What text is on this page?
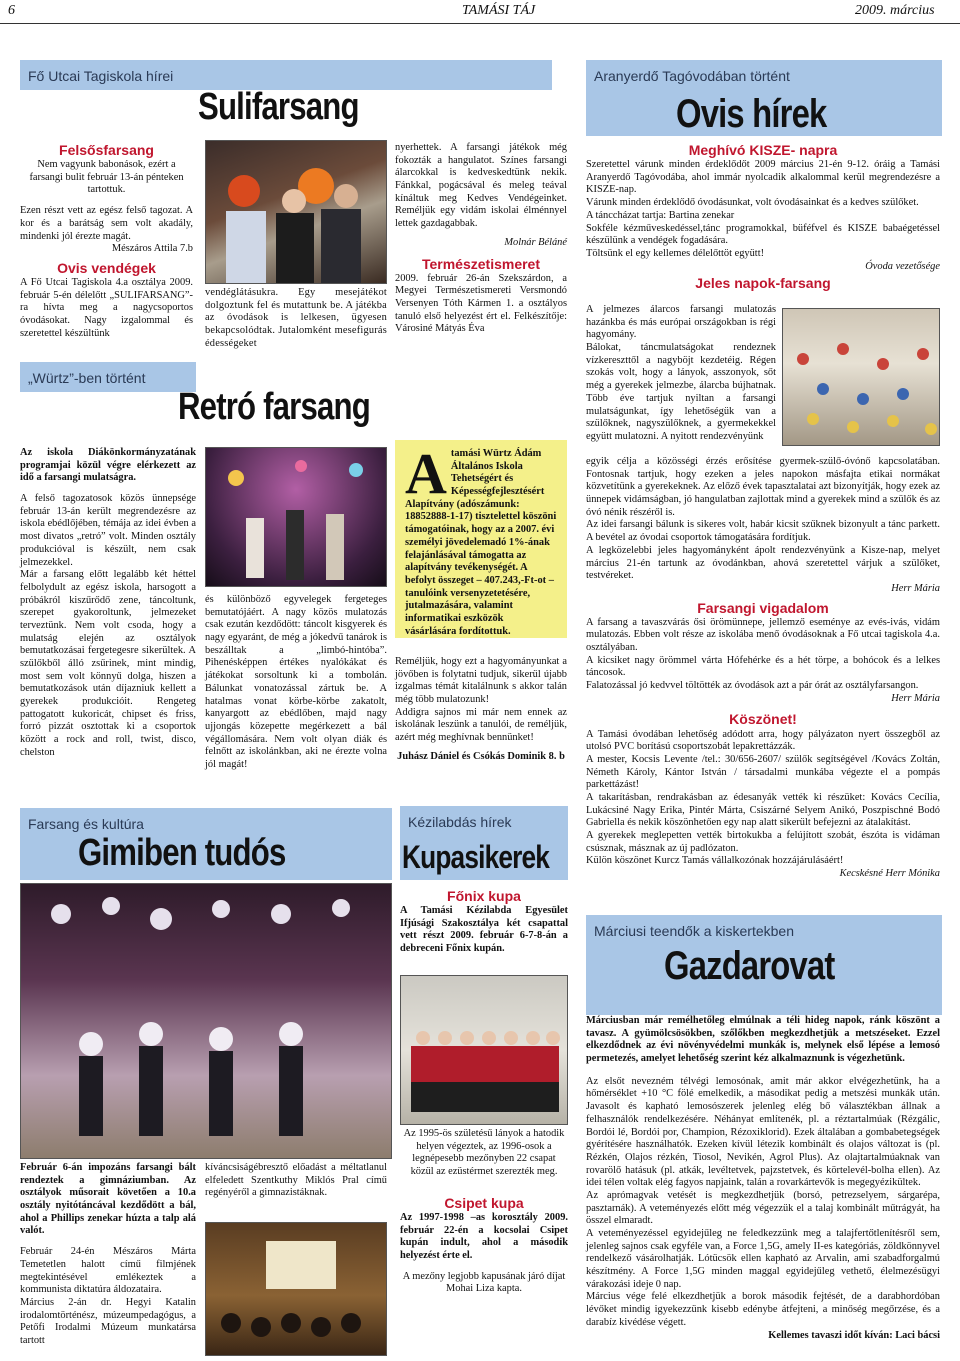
6	TAMÁSI TÁJ	2009. március
Fő Utcai Tagiskola hírei
Sulifarsang
Felsősfarsang
Nem vagyunk babonások, ezért a farsangi bulit február 13-án pénteken tartottuk.
Ezen részt vett az egész felső tagozat. A kor és a barátság sem volt akadály, mindenki jól érezte magát.
Mészáros Attila 7.b
Ovis vendégek
A Fő Utcai Tagiskola 4.a osztálya 2009. február 5-én délelőtt „SULIFARSANG”-ra hívta meg a nagycsoportos óvodásokat. Nagy izgalommal és szeretettel készültünk
vendéglátásukra. Egy mesejátékot dolgoztunk fel és mutattunk be. A játékba az óvodások is lelkesen, ügyesen bekapcsolódtak. Jutalomként mesefigurás édességeket
nyerhettek. A farsangi játékok még fokozták a hangulatot. Színes farsangi álarcokkal is kedveskedtünk nekik. Fánkkal, pogácsával és meleg teával kínáltuk meg Kedves Vendégeinket. Reméljük egy vidám iskolai élménnyel lettek gazdagabbak.
Molnár Béláné
Természetismeret
2009. február 26-án Szekszárdon, a Megyei Természetismereti Versmondó Versenyen Tóth Kármen 1. a osztályos tanuló első helyezést ért el. Felkészítője: Városiné Mátyás Éva
„Würtz”-ben történt
Retró farsang
Az iskola Diákönkormányzatának programjai közül végre elérkezett az idő a farsangi mulatságra.
A felső tagozatosok közös ünnepsége február 13-án került megrendezésre az iskola ebédlőjében, témája az idei évben a most divatos „retró” volt. Minden osztály produkcióval is készült, nem csak jelmezekkel.
Már a farsang előtt legalább két héttel felbolydult az egész iskola, harsogott a próbákról kiszűrődő zene, táncoltunk, szerepet gyakoroltunk, jelmezeket terveztünk. Nem volt csoda, hogy a mulatság elején az osztályok bemutatkozásai fergetegesre sikerültek. A szülőkből álló zsűrinek, mint mindig, most sem volt könnyű dolga, hiszen a bemutatkozások után díjazniuk kellett a gyerekek produkcióit. Rengeteg pattogatott kukoricát, chipset és friss, forró pizzát osztottak ki a csoportok között a rock and roll, twist, disco, chelston
és különböző egyvelegek fergeteges bemutatójáért. A nagy közös mulatozás csak ezután kezdődött: táncolt kisgyerek és nagy egyaránt, de még a jókedvű tanárok is beszálltak a „limbó-hintóba”. Pihenésképpen értékes nyalókákat és játékokat sorsoltunk ki a tombolán. Bálunkat vonatozással zártuk be. A hatalmas vonat körbe-körbe zakatolt, kanyargott az ebédlőben, majd nagy ujjongás közepette megérkezett a bál végállomására. Nem volt olyan diák és felnőtt az iskolánkban, aki ne érezte volna jól magát!
A tamási Würtz Ádám Általános Iskola Tehetségért és Képességfejlesztésért Alapítvány (adószámunk: 18852888-1-17) tisztelettel köszöni támogatóinak, hogy az a 2007. évi személyi jövedelemadó 1%-ának felajánlásával támogatta az alapítvány tevékenységét. A befolyt összeget – 407.243,-Ft-ot – tanulóink versenyzetetésére, jutalmazására, valamint informatikai eszközök vásárlására fordítottuk.
Reméljük, hogy ezt a hagyományunkat a jövőben is folytatni tudjuk, sikerül újabb izgalmas témát kitalálnunk s akkor talán még több mulatozunk!
Addigra sajnos mi már nem ennek az iskolának leszünk a tanulói, de reméljük, azért még meghívnak bennünket!
Juhász Dániel és Csókás Dominik 8. b
Farsang és kultúra
Gimiben tudós
Február 6-án impozáns farsangi bált rendeztek a gimnáziumban. Az osztályok műsorait követően a 10.a osztály nyitótáncával kezdődött a bál, ahol a Phillips zenekar húzta a talp alá valót.
Február 24-én Mészáros Márta Temetetlen halott című filmjének megtekintésével emlékeztek a kommunista diktatúra áldozataira.
Március 2-án dr. Hegyi Katalin irodalomtörténész, múzeumpedagógus, a Petőfi Irodalmi Múzeum munkatársa tartott
kíváncsiságébresztő előadást a méltatlanul elfeledett Szentkuthy Miklós Pral című regényéről a gimnazistáknak.
Kézilabdás hírek
Kupasikerek
Főnix kupa
A Tamási Kézilabda Egyesület Ifjúsági Szakosztálya két csapattal vett részt 2009. február 6-7-8-án a debreceni Főnix kupán.
Az 1995-ös születésű lányok a hatodik helyen végeztek, az 1996-osok a legnépesebb mezőnyben 22 csapat közül az ezüstérmet szerezték meg.
Csipet kupa
Az 1997-1998 –as korosztály 2009. február 22-én a kocsolai Csipet kupán indult, ahol a második helyezést érte el.
A mezőny legjobb kapusának járó díjat Mohai Liza kapta.
Aranyerdő Tagóvodában történt
Ovis hírek
Meghívó KISZE- napra
Szeretettel várunk minden érdeklődőt 2009 március 21-én 9-12. óráig a Tamási Aranyerdő Tagóvodába, ahol immár nyolcadik alkalommal kerül megrendezésre a KISZE-nap.
Várunk minden érdeklődő óvodásunkat, volt óvodásainkat és a kedves szülőket.
A tánccházat tartja: Bartina zenekar
Sokféle kézműveskedéssel,tánc programokkal, büféfvel és KISZE babaégetéssel készülünk a vendégek fogadására.
Töltsünk el egy kellemes délelőttöt együtt!
Óvoda vezetősége
Jeles napok-farsang
A jelmezes álarcos farsangi mulatozás hazánkba és más európai országokban is régi hagyomány.
Bálokat, táncmulatságokat rendeznek vízkereszttől a nagyböjt kezdetéig. Régen szokás volt, hogy a lányok, asszonyok, sőt még a gyerekek jelmezbe, álarcba bújhatnak. Több éve tartjuk nyiltan a farsangi mulatságunkat, így lehetőségük van a szülőknek, nagyszülőknek, a gyermekekkel együtt mulatozni. A nyitott rendezvényünk
egyik célja a közösségi érzés erősítése gyermek-szülő-óvónő kapcsolatában. Fontosnak tartjuk, hogy ezeken a jeles napokon másfajta etikai normákat közvetítünk a gyerekeknek. Az előző évek tapasztalatai azt bizonyítják, hogy ezek az ünnepek vidámságban, jó hangulatban zajlottak mind a gyerekek mind a szülők és az óvó nénik részéről is.
Az idei farsangi bálunk is sikeres volt, habár kicsit szűknek bizonyult a tánc parkett. A bevétel az óvodai csoportok támogatására fordítjuk.
A legközelebbi jeles hagyományként ápolt rendezvényünk a Kisze-nap, melyet március 21-én tartunk az óvodánkban, ahová szeretettel várjuk a szülőket, testvéreket.
Herr Mária
Farsangi vigadalom
A farsang a tavaszvárás ősi örömünnepe, jellemző eseménye az evés-ivás, vidám mulatozás. Ebben volt része az iskolába menő óvodásoknak a Fő utcai tagiskola 4.a. osztályában.
A kicsiket nagy örömmel várta Hófehérke és a hét törpe, a bohócok és a lelkes táncosok.
Falatozással jó kedvvel töltötték az óvodások azt a pár órát az osztályfarsangon.
Herr Mária
Köszönet!
A Tamási óvodában lehetőség adódott arra, hogy pályázaton nyert összegből az utolsó PVC borítású csoportszobát lepakrettázzák.
A mester, Kocsis Levente /tel.: 30/656-2607/ szülők segítségével /Kovács Zoltán, Németh Károly, Kántor István / társadalmi munkába végezte el a pompás parkettázást!
A takarításban, rendrakásban az édesanyák vették ki részüket: Kovács Cecília, Lukácsiné Nagy Erika, Pintér Márta, Csiszárné Selyem Anikó, Poszpischné Bodó Gabriella és nekik köszönhetően egy nap alatt sikerült befejezni az átalakítást.
A gyerekek meglepetten vették birtokukba a felújított szobát, észóta is vidáman csúsznak, másznak az új padlózaton.
Külön köszönet Kurcz Tamás vállalkozónak hozzájárulásáért!
Kecskésné Herr Mónika
Márciusi teendők a kiskertekben
Gazdarovat
Márciusban már remélhetőleg elmúlnak a téli hideg napok, ránk köszönt a tavasz. A gyümölcsösökben, szőlőkben megkezdhetjük a metszéseket. Ezzel elkezdődnek az évi növényvédelmi munkák is, melynek első lépése a lemosó permetezés, amelyet lehetőség szerint kéz alkalmaznunk is végezhetünk.
Az elsőt nevezném télvégi lemosónak, amit már akkor elvégezhetünk, ha a hőmérséklet +10 °C fölé emelkedik, a másodikat pedig a metszési munkák után. Javasolt és kapható lemosószerek jelenleg elég bő választékban állnak a felhasználók rendelkezésére. Néhányat említenék, pl. a réztartalmúak (Rézgálic, Bordói lé, Bordói por, Champion, Rézoxiklorid). Ezek általában a gombabetegségek gyérítésére használhatók. Ezeken kívül létezik kombinált és olajos változat is (pl. Rézkén, Olajos rézkén, Tiosol, Nevikén, Agrol Plus). Az olajtartalmúaknak van rovarölő hatásuk (pl. atkák, levéltetvek, pajzstetvek, és körtelevél-bolha ellen). Az idei télen voltak elég fagyos napjaink, talán a rovarkártevők is megegyézikültek.
Az aprómagvak vetését is megkezdhetjük (borsó, petrezselyem, sárgarépa, pasztarnák). A veteményezés előtt még végezzük el a talaj kombinált műtrágyát, ha összel elmaradt.
A veteményezéssel egyidejűleg ne feledkezzünk meg a talajfertőtlenítésről sem, jelenleg sajnos csak egyféle van, a Force 1,5G, amely II-es kategóriás, zöldkönnyvel rendelkező vásárolhatják. Lótücsök ellen kapható az Arvalin, ami szabadforgalmú készítmény. A Force 1,5G minden maggal egyidejűleg vethető, élelmezésügyi várakozási ideje 0 nap.
Március vége felé elkezdhetjük a borok második fejtését, de a darabhordóban lévőket mindig igyekezzünk kisebb edénybe átfejteni, a minőség megőrzése, és a darabíz kivédése végett.
Kellemes tavaszi időt kíván: Laci bácsi
